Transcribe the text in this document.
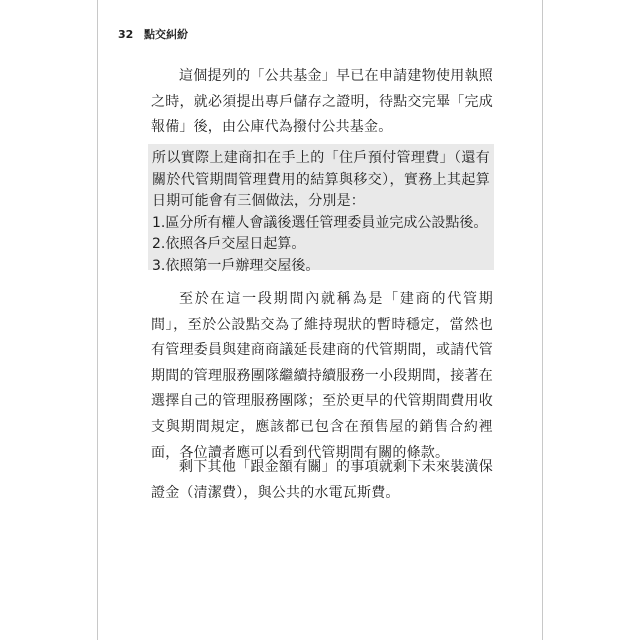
32 點交糾紛

這個提列的「公共基金」早已在申請建物使用執照之時，就必須提出專戶儲存之證明，待點交完畢「完成報備」後，由公庫代為撥付公共基金。

所以實際上建商扣在手上的「住戶預付管理費」（還有關於代管期間管理費用的結算與移交），實務上其起算日期可能會有三個做法，分別是：

1.區分所有權人會議後選任管理委員並完成公設點後。

2.依照各戶交屋日起算。

3.依照第一戶辦理交屋後。

至於在這一段期間內就稱為是「建商的代管期間」，至於公設點交為了維持現狀的暫時穩定，當然也有管理委員與建商商議延長建商的代管期間，或請代管期間的管理服務團隊繼續持續服務一小段期間，接著在選擇自己的管理服務團隊；至於更早的代管期間費用收支與期間規定，應該都已包含在預售屋的銷售合約裡面，各位讀者應可以看到代管期間有關的條款。

剩下其他「跟金額有關」的事項就剩下未來裝潢保證金（清潔費），與公共的水電瓦斯費。
